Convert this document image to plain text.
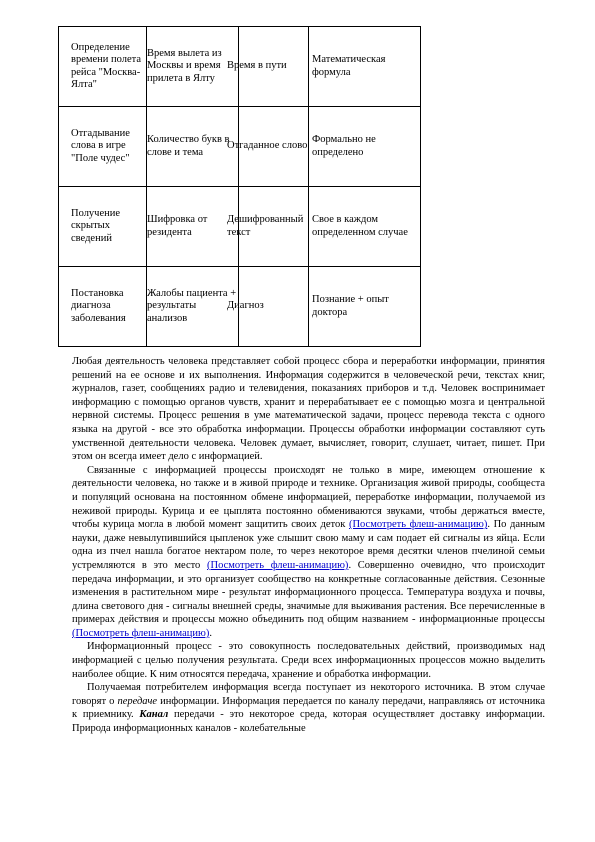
Определение времени полета рейса "Москва-Ялта"	Время вылета из Москвы и время прилета в Ялту	Время в пути	Математическая формула

Отгадывание слова в игре "Поле чудес"	Количество букв в слове и тема	Отгаданное слово	Формально не определено

Получение скрытых сведений	Шифровка от резидента	Дешифрованный текст	Свое в каждом определенном случае

Постановка диагноза заболевания	Жалобы пациента + результаты анализов	Диагноз	Познание + опыт доктора

Любая деятельность человека представляет собой процесс сбора и переработки информации, принятия решений на ее основе и их выполнения. Информация содержится в человеческой речи, текстах книг, журналов, газет, сообщениях радио и телевидения, показаниях приборов и т.д. Человек воспринимает информацию с помощью органов чувств, хранит и перерабатывает ее с помощью мозга и центральной нервной системы. Процесс решения в уме математической задачи, процесс перевода текста с одного языка на другой - все это обработка информации. Процессы обработки информации составляют суть умственной деятельности человека. Человек думает, вычисляет, говорит, слушает, читает, пишет. При этом он всегда имеет дело с информацией.

Связанные с информацией процессы происходят не только в мире, имеющем отношение к деятельности человека, но также и в живой природе и технике. Организация живой природы, сообщеста и популяций основана на постоянном обмене информацией, переработке информации, получаемой из неживой природы. Курица и ее цыплята постоянно обмениваются звуками, чтобы держаться вместе, чтобы курица могла в любой момент защитить своих деток (Посмотреть флеш-анимацию). По данным науки, даже невылупившийся цыпленок уже слышит свою маму и сам подает ей сигналы из яйца. Если одна из пчел нашла богатое нектаром поле, то через некоторое время десятки членов пчелиной семьи устремляются в это место (Посмотреть флеш-анимацию). Совершенно очевидно, что происходит передача информации, и это организует сообщество на конкретные согласованные действия. Сезонные изменения в растительном мире - результат информационного процесса. Температура воздуха и почвы, длина светового дня - сигналы внешней среды, значимые для выживания растения. Все перечисленные в примерах действия и процессы можно объединить под общим названием - информационные процессы (Посмотреть флеш-анимацию).

Информационный процесс - это совокупность последовательных действий, производимых над информацией с целью получения результата. Среди всех информационных процессов можно выделить наиболее общие. К ним относятся передача, хранение и обработка информации.

Получаемая потребителем информация всегда поступает из некоторого источника. В этом случае говорят о передаче информации. Информация передается по каналу передачи, направляясь от источника к приемнику. Канал передачи - это некоторое среда, которая осуществляет доставку информации. Природа информационных каналов - колебательные
